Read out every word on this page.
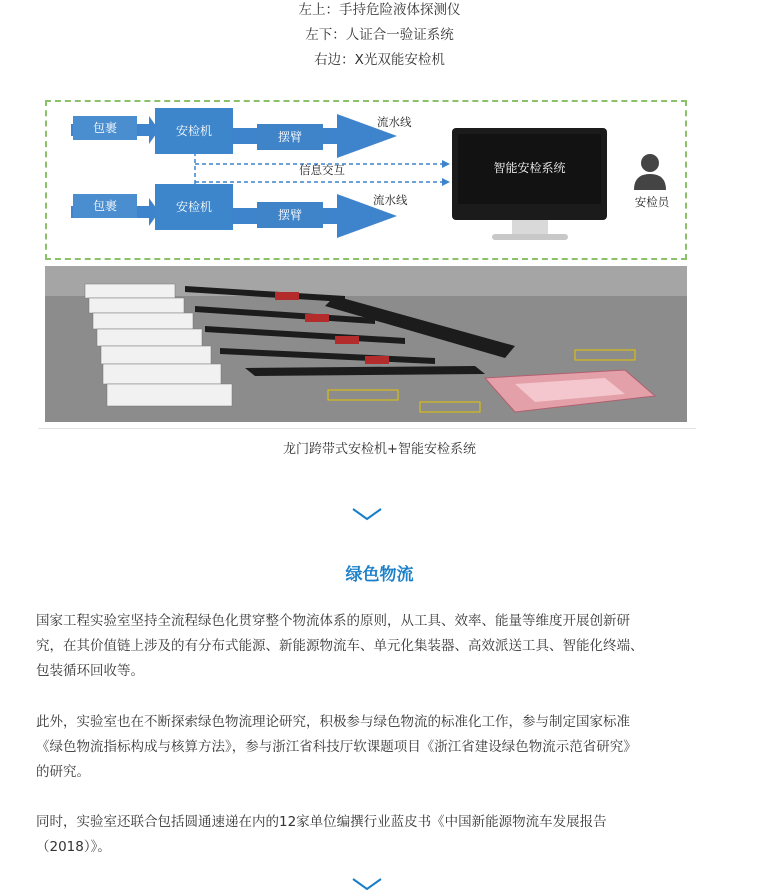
左上：手持危险液体探测仪
左下：人证合一验证系统
右边：X光双能安检机
包裹	安检机	摆臂
流水线
信息交互
包裹	安检机
摆臂
流水线
智能安检系统
安检员
龙门跨带式安检机+智能安检系统
绿色物流
国家工程实验室坚持全流程绿色化贯穿整个物流体系的原则，从工具、效率、能量等维度开展创新研
究，在其价值链上涉及的有分布式能源、新能源物流车、单元化集装器、高效派送工具、智能化终端、
包装循环回收等。
此外，实验室也在不断探索绿色物流理论研究，积极参与绿色物流的标准化工作，参与制定国家标准
《绿色物流指标构成与核算方法》，参与浙江省科技厅软课题项目《浙江省建设绿色物流示范省研究》
的研究。
同时，实验室还联合包括圆通速递在内的12家单位编撰行业蓝皮书《中国新能源物流车发展报告
（2018）》。
